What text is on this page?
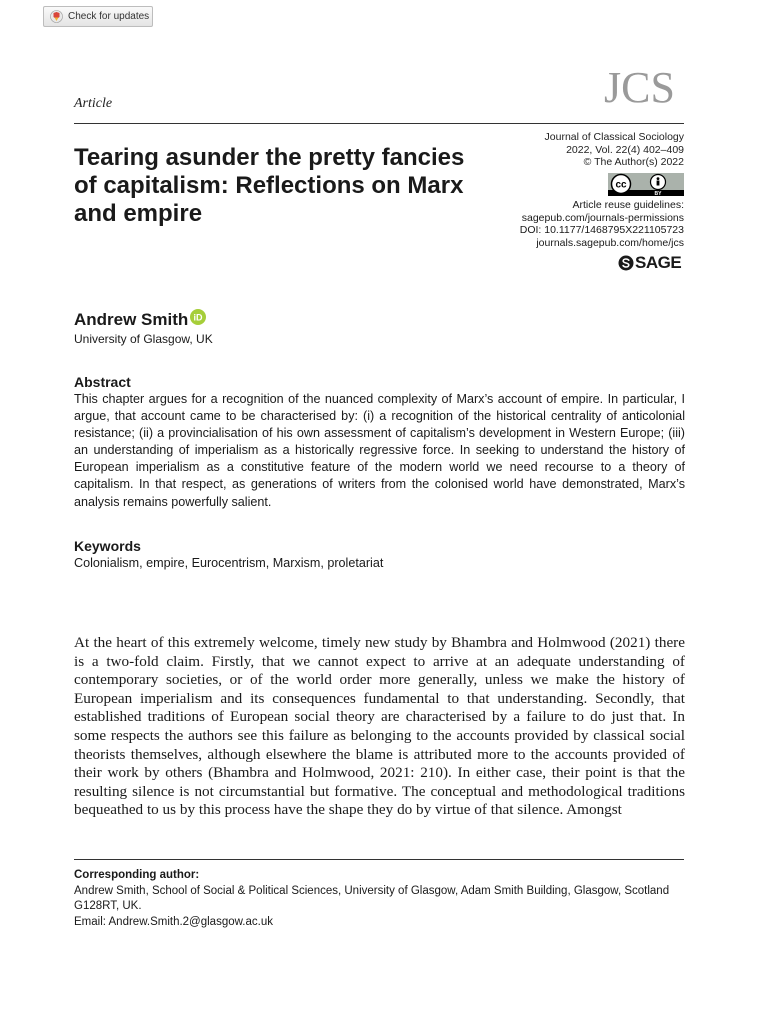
Check for updates
Article	JCS
Tearing asunder the pretty fancies of capitalism: Reflections on Marx and empire
Journal of Classical Sociology
2022, Vol. 22(4) 402–409
© The Author(s) 2022
cc
BY
Article reuse guidelines:
sagepub.com/journals-permissions
DOI: 10.1177/1468795X221105723
journals.sagepub.com/home/jcs
SAGE
Andrew Smith iD
University of Glasgow, UK
Abstract

This chapter argues for a recognition of the nuanced complexity of Marx’s account of empire. In particular, I argue, that account came to be characterised by: (i) a recognition of the historical centrality of anticolonial resistance; (ii) a provincialisation of his own assessment of capitalism’s development in Western Europe; (iii) an understanding of imperialism as a historically regressive force. In seeking to understand the history of European imperialism as a constitutive feature of the modern world we need recourse to a theory of capitalism. In that respect, as generations of writers from the colonised world have demonstrated, Marx’s analysis remains powerfully salient.

Keywords
Colonialism, empire, Eurocentrism, Marxism, proletariat

At the heart of this extremely welcome, timely new study by Bhambra and Holmwood (2021) there is a two-fold claim. Firstly, that we cannot expect to arrive at an adequate understanding of contemporary societies, or of the world order more generally, unless we make the history of European imperialism and its consequences fundamental to that understanding. Secondly, that established traditions of European social theory are characterised by a failure to do just that. In some respects the authors see this failure as belonging to the accounts provided by classical social theorists themselves, although elsewhere the blame is attributed more to the accounts provided of their work by others (Bhambra and Holmwood, 2021: 210). In either case, their point is that the resulting silence is not circumstantial but formative. The conceptual and methodological traditions bequeathed to us by this process have the shape they do by virtue of that silence. Amongst

Corresponding author:
Andrew Smith, School of Social & Political Sciences, University of Glasgow, Adam Smith Building, Glasgow, Scotland G128RT, UK.
Email: Andrew.Smith.2@glasgow.ac.uk
